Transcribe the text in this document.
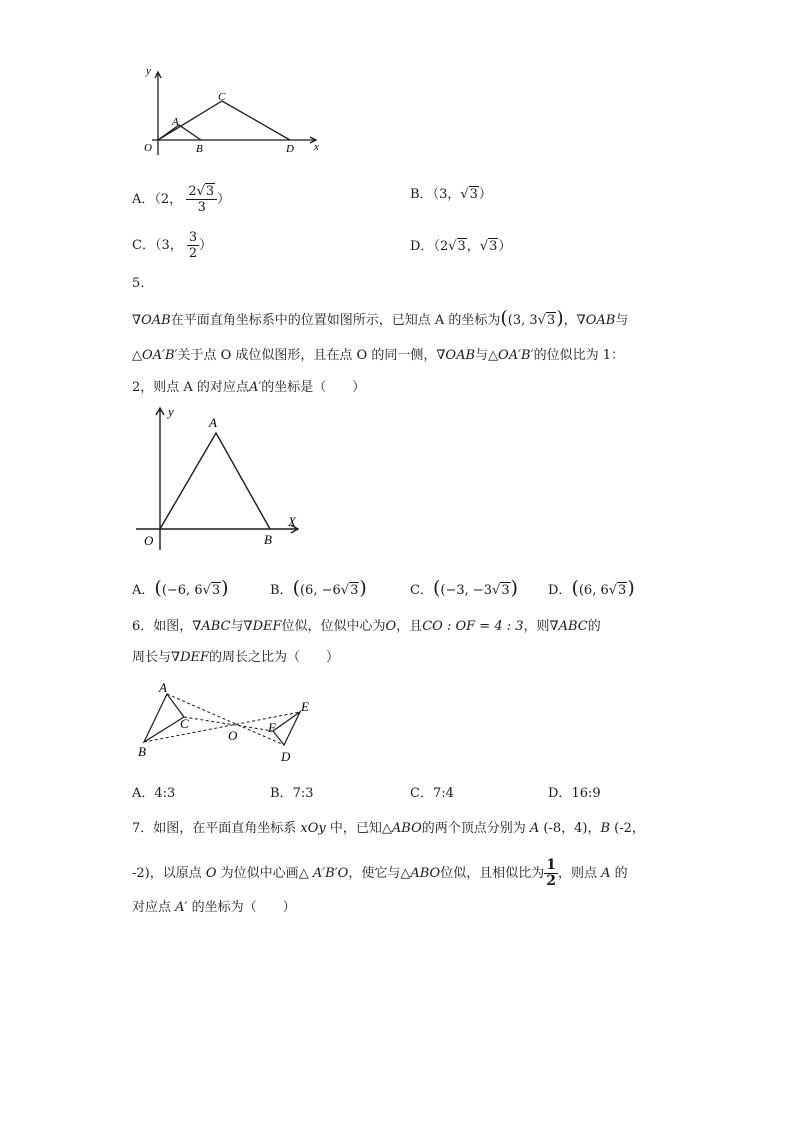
y
x
O
A
B
C
D
A．（2， $\frac{2√3}{3}$ ）	B．（3，√3）
C．（3， $\frac{3}{2}$ ）	D．（2√3，√3）
5.
∇OAB在平面直角坐标系中的位置如图所示，已知点 A 的坐标为((3, 3√3)，∇OAB与
△OA′B′关于点 O 成位似图形，且在点 O 的同一侧，∇OAB与△OA′B′的位似比为 1：
2，则点 A 的对应点A′的坐标是（　　）
y
X
A
O	B
A．((−6, 6√3)	B．((6, −6√3)	C．((−3, −3√3) D．((6, 6√3)
6．如图，∇ABC与∇DEF位似，位似中心为O，且CO : OF = 4 : 3，则∇ABC的
周长与∇DEF的周长之比为（　　）
A
B
C
O
F
E
D
A．4:3	B．7:3	C．7:4	D．16:9
7．如图，在平面直角坐标系 xOy 中，已知△ABO的两个顶点分别为 A (-8，4)，B (-2，
-2)，以原点 O 为位似中心画△ A′B′O，使它与△ABO位似，且相似比为 $\frac{1}{2}$ ，则点 A 的
对应点 A′ 的坐标为（　　）
